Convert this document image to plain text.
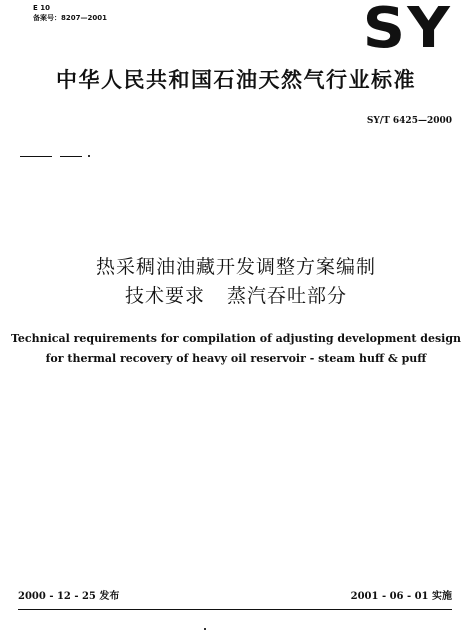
E 10
备案号：8207—2001	SY
中华人民共和国石油天然气行业标准
SY/T 6425—2000
热采稠油油藏开发调整方案编制
技术要求 蒸汽吞吐部分
Technical requirements for compilation of adjusting development design
for thermal recovery of heavy oil reservoir - steam huff & puff
2000 - 12 - 25 发布	2001 - 06 - 01 实施
